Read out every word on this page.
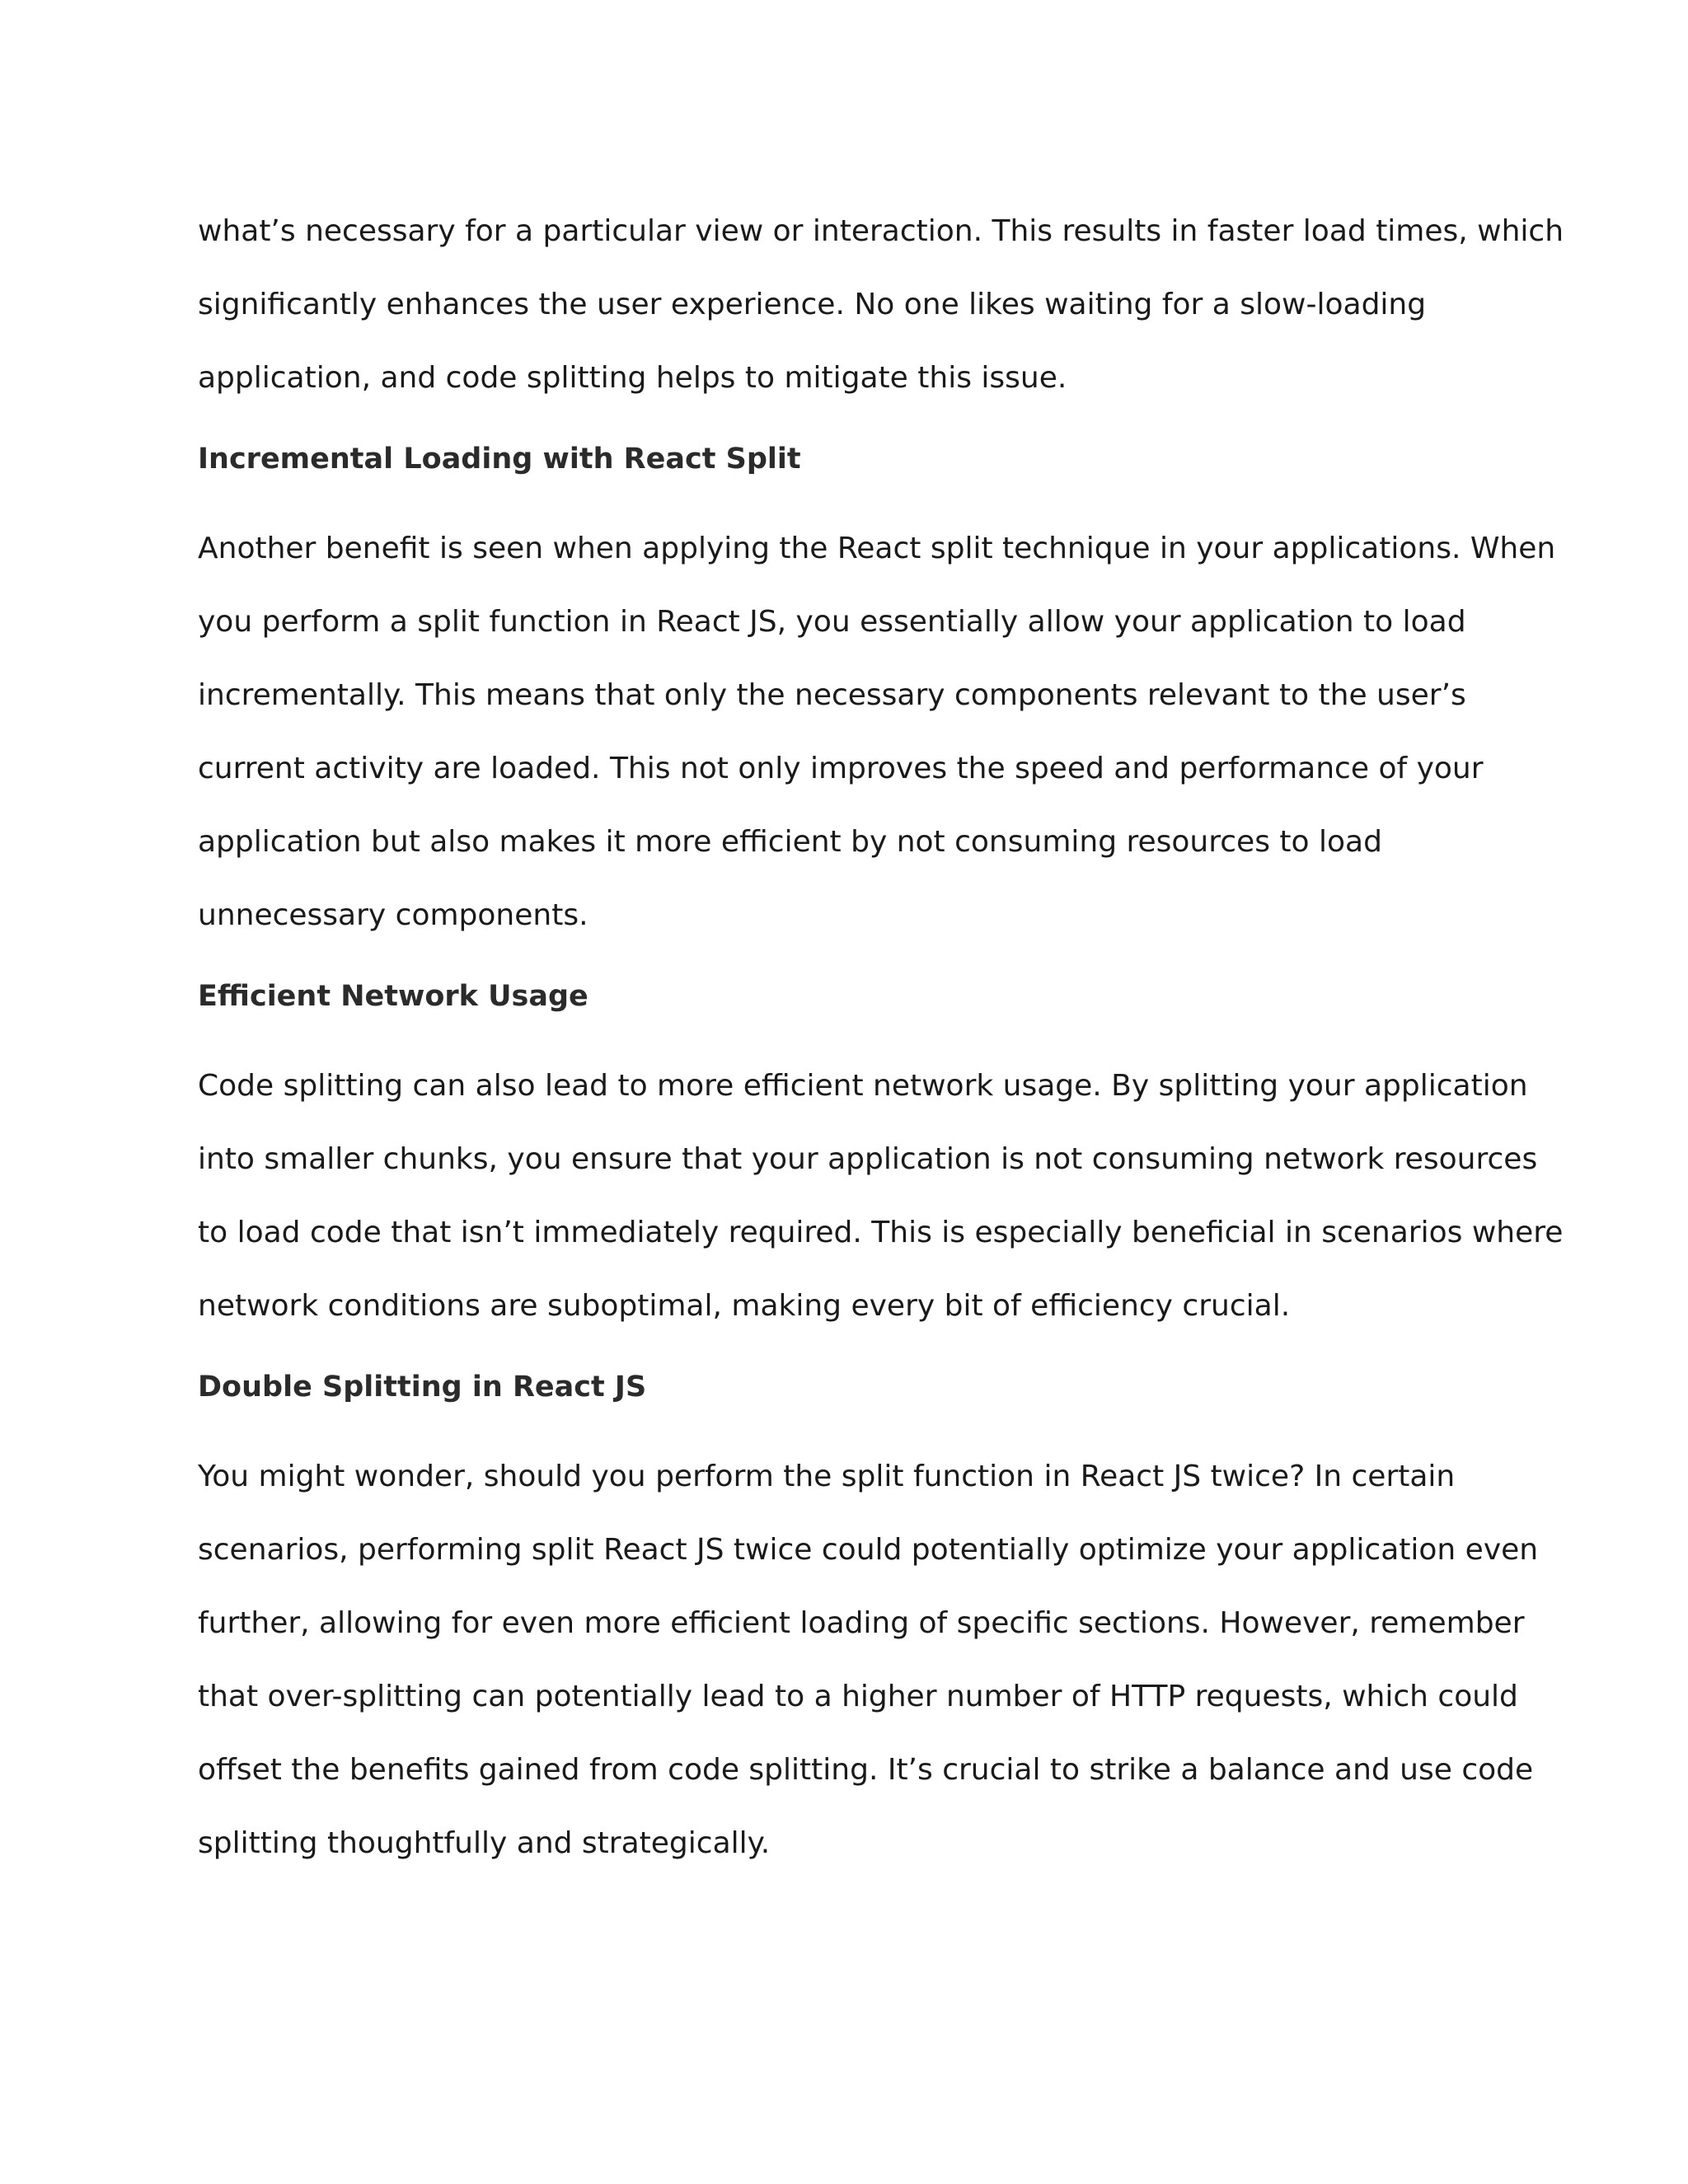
what’s necessary for a particular view or interaction. This results in faster load times, which
significantly enhances the user experience. No one likes waiting for a slow-loading
application, and code splitting helps to mitigate this issue.
Incremental Loading with React Split
Another benefit is seen when applying the React split technique in your applications. When
you perform a split function in React JS, you essentially allow your application to load
incrementally. This means that only the necessary components relevant to the user’s
current activity are loaded. This not only improves the speed and performance of your
application but also makes it more efficient by not consuming resources to load
unnecessary components.
Efficient Network Usage
Code splitting can also lead to more efficient network usage. By splitting your application
into smaller chunks, you ensure that your application is not consuming network resources
to load code that isn’t immediately required. This is especially beneficial in scenarios where
network conditions are suboptimal, making every bit of efficiency crucial.
Double Splitting in React JS
You might wonder, should you perform the split function in React JS twice? In certain
scenarios, performing split React JS twice could potentially optimize your application even
further, allowing for even more efficient loading of specific sections. However, remember
that over-splitting can potentially lead to a higher number of HTTP requests, which could
offset the benefits gained from code splitting. It’s crucial to strike a balance and use code
splitting thoughtfully and strategically.
